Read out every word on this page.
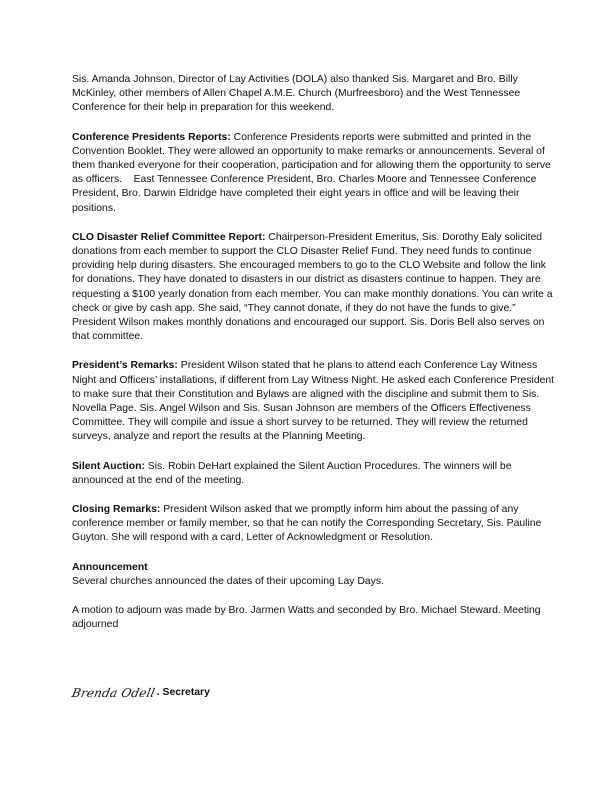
Sis. Amanda Johnson, Director of Lay Activities (DOLA) also thanked Sis. Margaret and Bro. Billy McKinley, other members of Allen Chapel A.M.E. Church (Murfreesboro) and the West Tennessee Conference for their help in preparation for this weekend.

Conference Presidents Reports: Conference Presidents reports were submitted and printed in the Convention Booklet. They were allowed an opportunity to make remarks or announcements. Several of them thanked everyone for their cooperation, participation and for allowing them the opportunity to serve as officers.    East Tennessee Conference President, Bro. Charles Moore and Tennessee Conference President, Bro. Darwin Eldridge have completed their eight years in office and will be leaving their positions.

CLO Disaster Relief Committee Report: Chairperson-President Emeritus, Sis. Dorothy Ealy solicited donations from each member to support the CLO Disaster Relief Fund. They need funds to continue providing help during disasters. She encouraged members to go to the CLO Website and follow the link for donations. They have donated to disasters in our district as disasters continue to happen. They are requesting a $100 yearly donation from each member. You can make monthly donations. You can write a check or give by cash app. She said, “They cannot donate, if they do not have the funds to give.” President Wilson makes monthly donations and encouraged our support. Sis. Doris Bell also serves on that committee.

President’s Remarks: President Wilson stated that he plans to attend each Conference Lay Witness Night and Officers’ installations, if different from Lay Witness Night. He asked each Conference President to make sure that their Constitution and Bylaws are aligned with the discipline and submit them to Sis. Novella Page. Sis. Angel Wilson and Sis. Susan Johnson are members of the Officers Effectiveness Committee. They will compile and issue a short survey to be returned. They will review the returned surveys, analyze and report the results at the Planning Meeting.

Silent Auction: Sis. Robin DeHart explained the Silent Auction Procedures. The winners will be announced at the end of the meeting.

Closing Remarks: President Wilson asked that we promptly inform him about the passing of any conference member or family member, so that he can notify the Corresponding Secretary, Sis. Pauline Guyton. She will respond with a card, Letter of Acknowledgment or Resolution.

Announcement

Several churches announced the dates of their upcoming Lay Days.

A motion to adjourn was made by Bro. Jarmen Watts and seconded by Bro. Michael Steward. Meeting adjourned

Brenda Odell . Secretary
